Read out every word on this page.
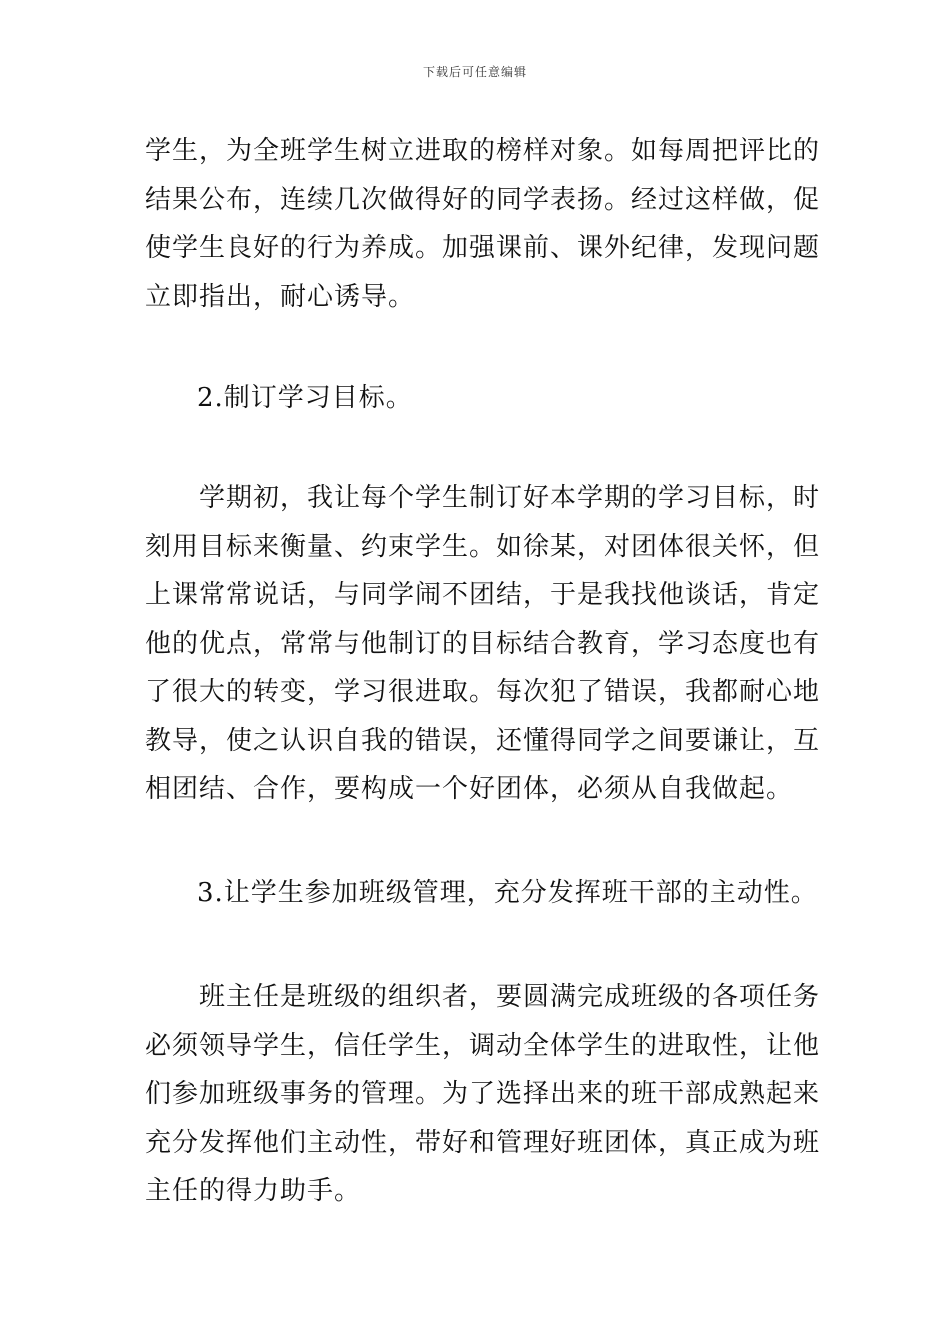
下载后可任意编辑
学生，为全班学生树立进取的榜样对象。如每周把评比的
结果公布，连续几次做得好的同学表扬。经过这样做，促
使学生良好的行为养成。加强课前、课外纪律，发现问题
立即指出，耐心诱导。
2.制订学习目标。
学期初，我让每个学生制订好本学期的学习目标，时
刻用目标来衡量、约束学生。如徐某，对团体很关怀，但
上课常常说话，与同学闹不团结，于是我找他谈话，肯定
他的优点，常常与他制订的目标结合教育，学习态度也有
了很大的转变，学习很进取。每次犯了错误，我都耐心地
教导，使之认识自我的错误，还懂得同学之间要谦让，互
相团结、合作，要构成一个好团体，必须从自我做起。
3.让学生参加班级管理，充分发挥班干部的主动性。
班主任是班级的组织者，要圆满完成班级的各项任务
必须领导学生，信任学生，调动全体学生的进取性，让他
们参加班级事务的管理。为了选择出来的班干部成熟起来
充分发挥他们主动性，带好和管理好班团体，真正成为班
主任的得力助手。
